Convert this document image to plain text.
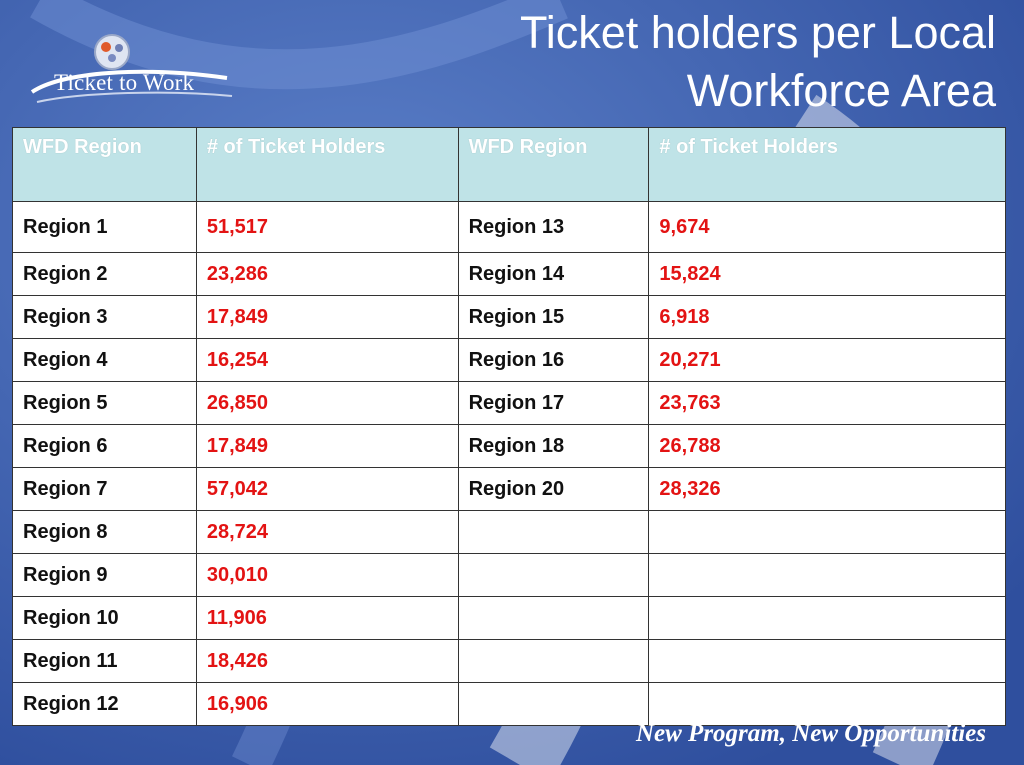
Ticket to Work
Ticket holders per Local
Workforce Area
WFD Region	# of Ticket Holders	WFD Region	# of Ticket Holders
Region 1	51,517	Region 13	9,674
Region 2	23,286	Region 14	15,824
Region 3	17,849	Region 15	6,918
Region 4	16,254	Region 16	20,271
Region 5	26,850	Region 17	23,763
Region 6	17,849	Region 18	26,788
Region 7	57,042	Region 20	28,326
Region 8	28,724		
Region 9	30,010		
Region 10	11,906		
Region 11	18,426		
Region 12	16,906		
New Program, New Opportunities
